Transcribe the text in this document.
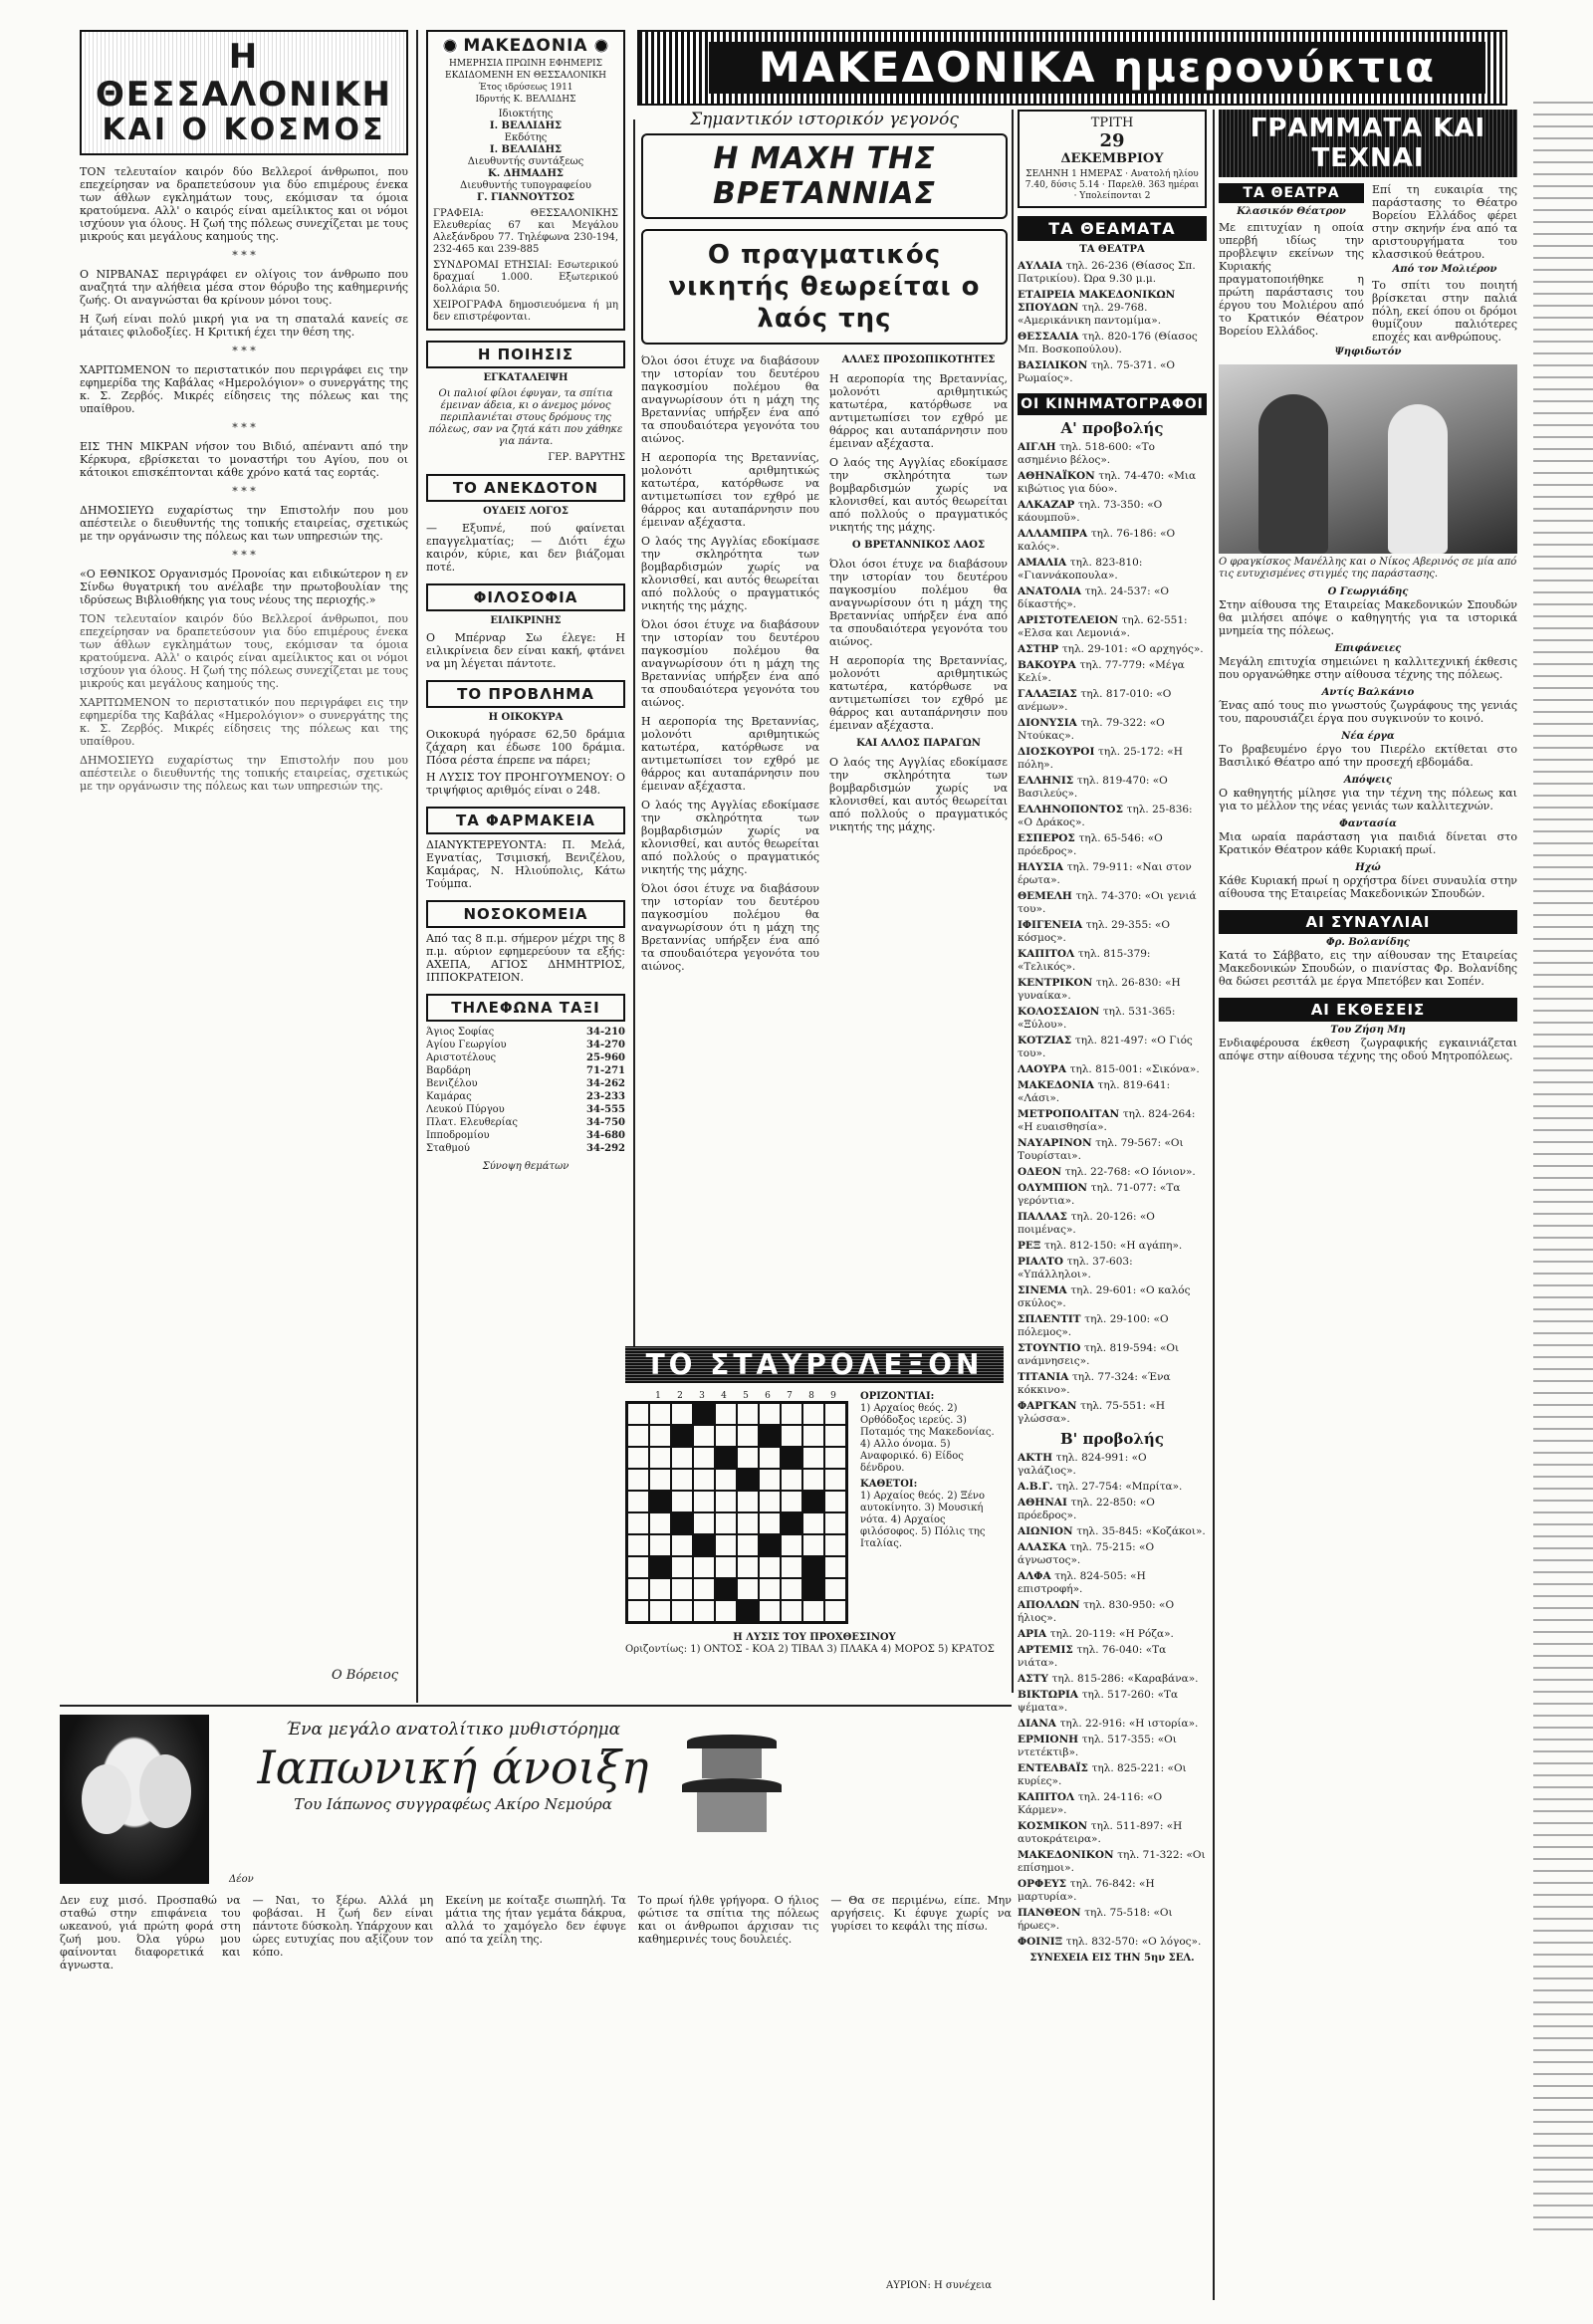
Η ΘΕΣΣΑΛΟΝΙΚΗ
ΚΑΙ Ο ΚΟΣΜΟΣ

ΤΟΝ τελευταίον καιρόν δύο Βελλεροί άνθρωποι, που επεχείρησαν να δραπετεύσουν για δύο επιμέρους ένεκα των άθλων εγκλημάτων τους, εκόμισαν τα όμοια κρατούμενα. Αλλ' ο καιρός είναι αμείλικτος και οι νόμοι ισχύουν για όλους. Η ζωή της πόλεως συνεχίζεται με τους μικρούς και μεγάλους καημούς της.

* * *

Ο ΝΙΡΒΑΝΑΣ περιγράφει εν ολίγοις τον άνθρωπο που αναζητά την αλήθεια μέσα στον θόρυβο της καθημερινής ζωής. Οι αναγνώσται θα κρίνουν μόνοι τους.

Η ζωή είναι πολύ μικρή για να τη σπαταλά κανείς σε μάταιες φιλοδοξίες. Η Κριτική έχει την θέση της.

* * *

ΧΑΡΙΤΩΜΕΝΟΝ το περιστατικόν που περιγράφει εις την εφημερίδα της Καβάλας «Ημερολόγιον» ο συνεργάτης της κ. Σ. Ζερβός. Μικρές είδησεις της πόλεως και της υπαίθρου.

* * *

ΕΙΣ ΤΗΝ ΜΙΚΡΑΝ νήσον του Βιδιό, απέναντι από την Κέρκυρα, εβρίσκεται το μοναστήρι του Αγίου, που οι κάτοικοι επισκέπτονται κάθε χρόνο κατά τας εορτάς.

* * *

ΔΗΜΟΣΙΕΥΩ ευχαρίστως την Επιστολήν που μου απέστειλε ο διευθυντής της τοπικής εταιρείας, σχετικώς με την οργάνωσιν της πόλεως και των υπηρεσιών της.

* * *

«Ο ΕΘΝΙΚΟΣ Οργανισμός Προνοίας και ειδικώτερον η εν Σίνδω θυγατρική του ανέλαβε την πρωτοβουλίαν της ιδρύσεως Βιβλιοθήκης για τους νέους της περιοχής.»

ΤΟΝ τελευταίον καιρόν δύο Βελλεροί άνθρωποι, που επεχείρησαν να δραπετεύσουν για δύο επιμέρους ένεκα των άθλων εγκλημάτων τους, εκόμισαν τα όμοια κρατούμενα. Αλλ' ο καιρός είναι αμείλικτος και οι νόμοι ισχύουν για όλους. Η ζωή της πόλεως συνεχίζεται με τους μικρούς και μεγάλους καημούς της.

ΧΑΡΙΤΩΜΕΝΟΝ το περιστατικόν που περιγράφει εις την εφημερίδα της Καβάλας «Ημερολόγιον» ο συνεργάτης της κ. Σ. Ζερβός. Μικρές είδησεις της πόλεως και της υπαίθρου.

ΔΗΜΟΣΙΕΥΩ ευχαρίστως την Επιστολήν που μου απέστειλε ο διευθυντής της τοπικής εταιρείας, σχετικώς με την οργάνωσιν της πόλεως και των υπηρεσιών της.

Ο Βόρειος
ΜΑΚΕΔΟΝΙΑ
ΗΜΕΡΗΣΙΑ ΠΡΩΙΝΗ ΕΦΗΜΕΡΙΣ ΕΚΔΙΔΟΜΕΝΗ ΕΝ ΘΕΣΣΑΛΟΝΙΚΗ
Έτος ιδρύσεως 1911
Ιδρυτής Κ. ΒΕΛΛΙΔΗΣ
Ιδιοκτήτης
Ι. ΒΕΛΛΙΔΗΣ
Εκδότης
Ι. ΒΕΛΛΙΔΗΣ
Διευθυντής συντάξεως
Κ. ΔΗΜΑΔΗΣ
Διευθυντής τυπογραφείου
Γ. ΓΙΑΝΝΟΥΤΣΟΣ
ΓΡΑΦΕΙΑ: ΘΕΣΣΑΛΟΝΙΚΗΣ Ελευθερίας 67 και Μεγάλου Αλεξάνδρου 77. Τηλέφωνα 230-194, 232-465 και 239-885
ΣΥΝΔΡΟΜΑΙ ΕΤΗΣΙΑΙ: Εσωτερικού δραχμαί 1.000. Εξωτερικού δολλάρια 50.
ΧΕΙΡΟΓΡΑΦΑ δημοσιευόμενα ή μη δεν επιστρέφονται.
Η ΠΟΙΗΣΙΣ
ΕΓΚΑΤΑΛΕΙΨΗ
Οι παλιοί φίλοι έφυγαν, τα σπίτια έμειναν άδεια, κι ο άνεμος μόνος περιπλανιέται στους δρόμους της πόλεως, σαν να ζητά κάτι που χάθηκε για πάντα.
ΓΕΡ. ΒΑΡΥΤΗΣ
ΤΟ ΑΝΕΚΔΟΤΟΝ
ΟΥΔΕΙΣ ΛΟΓΟΣ
— Εξυπνέ, πού φαίνεται επαγγελματίας; — Διότι έχω καιρόν, κύριε, και δεν βιάζομαι ποτέ.
ΦΙΛΟΣΟΦΙΑ
ΕΙΛΙΚΡΙΝΗΣ
Ο Μπέρναρ Σω έλεγε: Η ειλικρίνεια δεν είναι κακή, φτάνει να μη λέγεται πάντοτε.
ΤΟ ΠΡΟΒΛΗΜΑ
Η ΟΙΚΟΚΥΡΑ
Οικοκυρά ηγόρασε 62,50 δράμια ζάχαρη και έδωσε 100 δράμια. Πόσα ρέστα έπρεπε να πάρει;
Η ΛΥΣΙΣ ΤΟΥ ΠΡΟΗΓΟΥΜΕΝΟΥ: Ο τριψήφιος αριθμός είναι ο 248.
ΤΑ ΦΑΡΜΑΚΕΙΑ
ΔΙΑΝΥΚΤΕΡΕΥΟΝΤΑ: Π. Μελά, Εγνατίας, Τσιμισκή, Βενιζέλου, Καμάρας, Ν. Ηλιούπολις, Κάτω Τούμπα.
ΝΟΣΟΚΟΜΕΙΑ
Από τας 8 π.μ. σήμερον μέχρι της 8 π.μ. αύριον εφημερεύουν τα εξής: ΑΧΕΠΑ, ΑΓΙΟΣ ΔΗΜΗΤΡΙΟΣ, ΙΠΠΟΚΡΑΤΕΙΟΝ.
ΤΗΛΕΦΩΝΑ ΤΑΞΙ
Άγιος Σοφίας	34-210
Αγίου Γεωργίου	34-270
Αριστοτέλους	25-960
Βαρδάρη	71-271
Βενιζέλου	34-262
Καμάρας	23-233
Λευκού Πύργου	34-555
Πλατ. Ελευθερίας	34-750
Ιπποδρομίου	34-680
Σταθμού	34-292
Σύνοψη θεμάτων
ΜΑΚΕΔΟΝΙΚΑ ημερονύκτια
Σημαντικόν ιστορικόν γεγονός
Η ΜΑΧΗ ΤΗΣ ΒΡΕΤΑΝΝΙΑΣ
Ο πραγματικός νικητής θεωρείται ο λαός της

Όλοι όσοι έτυχε να διαβάσουν την ιστορίαν του δευτέρου παγκοσμίου πολέμου θα αναγνωρίσουν ότι η μάχη της Βρεταννίας υπήρξεν ένα από τα σπουδαιότερα γεγονότα του αιώνος.

Η αεροπορία της Βρεταννίας, μολονότι αριθμητικώς κατωτέρα, κατόρθωσε να αντιμετωπίσει τον εχθρό με θάρρος και αυταπάρνησιν που έμειναν αξέχαστα.

Ο λαός της Αγγλίας εδοκίμασε την σκληρότητα των βομβαρδισμών χωρίς να κλονισθεί, και αυτός θεωρείται από πολλούς ο πραγματικός νικητής της μάχης.

Όλοι όσοι έτυχε να διαβάσουν την ιστορίαν του δευτέρου παγκοσμίου πολέμου θα αναγνωρίσουν ότι η μάχη της Βρεταννίας υπήρξεν ένα από τα σπουδαιότερα γεγονότα του αιώνος.

Η αεροπορία της Βρεταννίας, μολονότι αριθμητικώς κατωτέρα, κατόρθωσε να αντιμετωπίσει τον εχθρό με θάρρος και αυταπάρνησιν που έμειναν αξέχαστα.

Ο λαός της Αγγλίας εδοκίμασε την σκληρότητα των βομβαρδισμών χωρίς να κλονισθεί, και αυτός θεωρείται από πολλούς ο πραγματικός νικητής της μάχης.

Όλοι όσοι έτυχε να διαβάσουν την ιστορίαν του δευτέρου παγκοσμίου πολέμου θα αναγνωρίσουν ότι η μάχη της Βρεταννίας υπήρξεν ένα από τα σπουδαιότερα γεγονότα του αιώνος.

ΑΛΛΕΣ ΠΡΟΣΩΠΙΚΟΤΗΤΕΣ

Η αεροπορία της Βρεταννίας, μολονότι αριθμητικώς κατωτέρα, κατόρθωσε να αντιμετωπίσει τον εχθρό με θάρρος και αυταπάρνησιν που έμειναν αξέχαστα.

Ο λαός της Αγγλίας εδοκίμασε την σκληρότητα των βομβαρδισμών χωρίς να κλονισθεί, και αυτός θεωρείται από πολλούς ο πραγματικός νικητής της μάχης.

Ο ΒΡΕΤΑΝΝΙΚΟΣ ΛΑΟΣ

Όλοι όσοι έτυχε να διαβάσουν την ιστορίαν του δευτέρου παγκοσμίου πολέμου θα αναγνωρίσουν ότι η μάχη της Βρεταννίας υπήρξεν ένα από τα σπουδαιότερα γεγονότα του αιώνος.

Η αεροπορία της Βρεταννίας, μολονότι αριθμητικώς κατωτέρα, κατόρθωσε να αντιμετωπίσει τον εχθρό με θάρρος και αυταπάρνησιν που έμειναν αξέχαστα.

ΚΑΙ ΑΛΛΟΣ ΠΑΡΑΓΩΝ

Ο λαός της Αγγλίας εδοκίμασε την σκληρότητα των βομβαρδισμών χωρίς να κλονισθεί, και αυτός θεωρείται από πολλούς ο πραγματικός νικητής της μάχης.

ΤΟ ΣΤΑΥΡΟΛΕΞΟΝ
1	2	3	4	5	6	7	8	9	ΟΡΙΖΟΝΤΙΑΙ:
1) Αρχαίος θεός. 2) Ορθόδοξος ιερεύς. 3) Ποταμός της Μακεδονίας. 4) Αλλο όνομα. 5) Αναφορικό. 6) Είδος δένδρου.
ΚΑΘΕΤΟΙ:
1) Αρχαίος θεός. 2) Ξένο αυτοκίνητο. 3) Μουσική νότα. 4) Αρχαίος φιλόσοφος. 5) Πόλις της Ιταλίας.
Η ΛΥΣΙΣ ΤΟΥ ΠΡΟΧΘΕΣΙΝΟΥ
Οριζοντίως: 1) ΟΝΤΟΣ - ΚΟΑ 2) ΤΙΒΑΛ 3) ΠΛΑΚΑ 4) ΜΟΡΟΣ 5) ΚΡΑΤΟΣ
ΤΡΙΤΗ
29
ΔΕΚΕΜΒΡΙΟΥ
ΣΕΛΗΝΗ 1 ΗΜΕΡΑΣ · Ανατολή ηλίου 7.40, δύσις 5.14 · Παρελθ. 363 ημέραι · Υπολείπονται 2
ΤΑ ΘΕΑΜΑΤΑ
ΤΑ ΘΕΑΤΡΑ
ΑΥΛΑΙΑ τηλ. 26-236 (Θίασος Σπ. Πατρικίου). Ώρα 9.30 μ.μ.
ΕΤΑΙΡΕΙΑ ΜΑΚΕΔΟΝΙΚΩΝ ΣΠΟΥΔΩΝ τηλ. 29-768. «Αμερικάνικη παντομίμα».
ΘΕΣΣΑΛΙΑ τηλ. 820-176 (Θίασος Μπ. Βοσκοπούλου).
ΒΑΣΙΛΙΚΟΝ τηλ. 75-371. «Ο Ρωμαίος».
ΟΙ ΚΙΝΗΜΑΤΟΓΡΑΦΟΙ
Α' προβολής
ΑΙΓΛΗ τηλ. 518-600: «Το ασημένιο βέλος».
ΑΘΗΝΑΪΚΟΝ τηλ. 74-470: «Μια κιβώτιος για δύο».
ΑΛΚΑΖΑΡ τηλ. 73-350: «Ο κάουμποϋ».
ΑΛΛΑΜΠΡΑ τηλ. 76-186: «Ο καλός».
ΑΜΑΛΙΑ τηλ. 823-810: «Γιαννάκοπουλα».
ΑΝΑΤΟΛΙΑ τηλ. 24-537: «Ο δίκαστής».
ΑΡΙΣΤΟΤΕΛΕΙΟΝ τηλ. 62-551: «Ελσα και Λεμονιά».
ΑΣΤΗΡ τηλ. 29-101: «Ο αρχηγός».
ΒΑΚΟΥΡΑ τηλ. 77-779: «Μέγα Κελί».
ΓΑΛΑΞΙΑΣ τηλ. 817-010: «Ο ανέμων».
ΔΙΟΝΥΣΙΑ τηλ. 79-322: «Ο Ντούκας».
ΔΙΟΣΚΟΥΡΟΙ τηλ. 25-172: «Η πόλη».
ΕΛΛΗΝΙΣ τηλ. 819-470: «Ο Βασιλεύς».
ΕΛΛΗΝΟΠΟΝΤΟΣ τηλ. 25-836: «Ο Δράκος».
ΕΣΠΕΡΟΣ τηλ. 65-546: «Ο πρόεδρος».
ΗΛΥΣΙΑ τηλ. 79-911: «Ναι στον έρωτα».
ΘΕΜΕΛΗ τηλ. 74-370: «Οι γενιά του».
ΙΦΙΓΕΝΕΙΑ τηλ. 29-355: «Ο κόσμος».
ΚΑΠΙΤΟΛ τηλ. 815-379: «Τελικός».
ΚΕΝΤΡΙΚΟΝ τηλ. 26-830: «Η γυναίκα».
ΚΟΛΟΣΣΑΙΟΝ τηλ. 531-365: «Ξύλου».
ΚΟΤΖΙΑΣ τηλ. 821-497: «Ο Γιός του».
ΛΑΟΥΡΑ τηλ. 815-001: «Σικόνα».
ΜΑΚΕΔΟΝΙΑ τηλ. 819-641: «Λάσι».
ΜΕΤΡΟΠΟΛΙΤΑΝ τηλ. 824-264: «Η ευαισθησία».
ΝΑΥΑΡΙΝΟΝ τηλ. 79-567: «Οι Τουρίσται».
ΟΔΕΟΝ τηλ. 22-768: «Ο Ιόνιον».
ΟΛΥΜΠΙΟΝ τηλ. 71-077: «Τα γερόντια».
ΠΑΛΛΑΣ τηλ. 20-126: «Ο ποιμένας».
ΡΕΞ τηλ. 812-150: «Η αγάπη».
ΡΙΑΛΤΟ τηλ. 37-603: «Υπάλληλοι».
ΣΙΝΕΜΑ τηλ. 29-601: «Ο καλός σκύλος».
ΣΠΛΕΝΤΙΤ τηλ. 29-100: «Ο πόλεμος».
ΣΤΟΥΝΤΙΟ τηλ. 819-594: «Οι ανάμνησεις».
ΤΙΤΑΝΙΑ τηλ. 77-324: «Ένα κόκκινο».
ΦΑΡΓΚΑΝ τηλ. 75-551: «Η γλώσσα».
Β' προβολής
ΑΚΤΗ τηλ. 824-991: «Ο γαλάζιος».
Α.Β.Γ. τηλ. 27-754: «Μπρίτα».
ΑΘΗΝΑΙ τηλ. 22-850: «Ο πρόεδρος».
ΑΙΩΝΙΟΝ τηλ. 35-845: «Κοζάκοι».
ΑΛΑΣΚΑ τηλ. 75-215: «Ο άγνωστος».
ΑΛΦΑ τηλ. 824-505: «Η επιστροφή».
ΑΠΟΛΛΩΝ τηλ. 830-950: «Ο ήλιος».
ΑΡΙΑ τηλ. 20-119: «Η Ρόζα».
ΑΡΤΕΜΙΣ τηλ. 76-040: «Τα νιάτα».
ΑΣΤΥ τηλ. 815-286: «Καραβάνα».
ΒΙΚΤΩΡΙΑ τηλ. 517-260: «Τα ψέματα».
ΔΙΑΝΑ τηλ. 22-916: «Η ιστορία».
ΕΡΜΙΟΝΗ τηλ. 517-355: «Οι ντετέκτιβ».
ΕΝΤΕΛΒΑΪΣ τηλ. 825-221: «Οι κυρίες».
ΚΑΠΙΤΟΛ τηλ. 24-116: «Ο Κάρμεν».
ΚΟΣΜΙΚΟΝ τηλ. 511-897: «Η αυτοκράτειρα».
ΜΑΚΕΔΟΝΙΚΟΝ τηλ. 71-322: «Οι επίσημοι».
ΟΡΦΕΥΣ τηλ. 76-842: «Η μαρτυρία».
ΠΑΝΘΕΟΝ τηλ. 75-518: «Οι ήρωες».
ΦΟΙΝΙΞ τηλ. 832-570: «Ο λόγος».
ΣΥΝΕΧΕΙΑ ΕΙΣ ΤΗΝ 5ην ΣΕΛ.
ΓΡΑΜΜΑΤΑ ΚΑΙ ΤΕΧΝΑΙ
ΤΑ ΘΕΑΤΡΑ
Κλασικόν Θέατρον
Με επιτυχίαν η οποία υπερβή ιδίως την προβλεψιν εκείνων της Κυριακής πραγματοποιήθηκε η πρώτη παράστασις του έργου του Μολιέρου από το Κρατικόν Θέατρον Βορείου Ελλάδος.
Επί τη ευκαιρία της παράστασης το Θέατρο Βορείου Ελλάδος φέρει στην σκηνήν ένα από τα αριστουργήματα του κλασσικού θεάτρου.
Από τον Μολιέρον
Το σπίτι του ποιητή βρίσκεται στην παλιά πόλη, εκεί όπου οι δρόμοι θυμίζουν παλιότερες εποχές και ανθρώπους.
Ψηφιδωτόν
Ο φραγκίσκος Μανέλλης και ο Νίκος Αβερινός σε μία από τις ευτυχισμένες στιγμές της παράστασης.
Ο Γεωργιάδης
Στην αίθουσα της Εταιρείας Μακεδονικών Σπουδών θα μιλήσει απόψε ο καθηγητής για τα ιστορικά μνημεία της πόλεως.
Επιφάνειες
Μεγάλη επιτυχία σημειώνει η καλλιτεχνική έκθεσις που οργανώθηκε στην αίθουσα τέχνης της πόλεως.
Αντίς Βαλκάνιο
Ένας από τους πιο γνωστούς ζωγράφους της γενιάς του, παρουσιάζει έργα που συγκινούν το κοινό.
Νέα έργα
Το βραβευμένο έργο του Πιερέλο εκτίθεται στο Βασιλικό Θέατρο από την προσεχή εβδομάδα.
Απόψεις
Ο καθηγητής μίλησε για την τέχνη της πόλεως και για το μέλλον της νέας γενιάς των καλλιτεχνών.
Φαντασία
Μια ωραία παράσταση για παιδιά δίνεται στο Κρατικόν Θέατρον κάθε Κυριακή πρωί.
Ηχώ
Κάθε Κυριακή πρωί η ορχήστρα δίνει συναυλία στην αίθουσα της Εταιρείας Μακεδονικών Σπουδών.
ΑΙ ΣΥΝΑΥΛΙΑΙ
Φρ. Βολανίδης
Κατά το Σάββατο, εις την αίθουσαν της Εταιρείας Μακεδονικών Σπουδών, ο πιανίστας Φρ. Βολανίδης θα δώσει ρεσιτάλ με έργα Μπετόβεν και Σοπέν.
ΑΙ ΕΚΘΕΣΕΙΣ
Του Ζήση Μη
Ενδιαφέρουσα έκθεση ζωγραφικής εγκαινιάζεται απόψε στην αίθουσα τέχνης της οδού Μητροπόλεως.
Ένα μεγάλο ανατολίτικο μυθιστόρημα
Ιαπωνική άνοιξη
Του Ιάπωνος συγγραφέως Ακίρο Νεμούρα
Δέον
Δεν ευχ μισό. Προσπαθώ να σταθώ στην επιφάνεια του ωκεανού, γιά πρώτη φορά στη ζωή μου. Όλα γύρω μου φαίνονται διαφορετικά και άγνωστα.
— Ναι, το ξέρω. Αλλά μη φοβάσαι. Η ζωή δεν είναι πάντοτε δύσκολη. Υπάρχουν και ώρες ευτυχίας που αξίζουν τον κόπο.
Εκείνη με κοίταξε σιωπηλή. Τα μάτια της ήταν γεμάτα δάκρυα, αλλά το χαμόγελο δεν έφυγε από τα χείλη της.
Το πρωί ήλθε γρήγορα. Ο ήλιος φώτισε τα σπίτια της πόλεως και οι άνθρωποι άρχισαν τις καθημερινές τους δουλειές.
— Θα σε περιμένω, είπε. Μην αργήσεις. Κι έφυγε χωρίς να γυρίσει το κεφάλι της πίσω.
ΑΥΡΙΟΝ: Η συνέχεια
